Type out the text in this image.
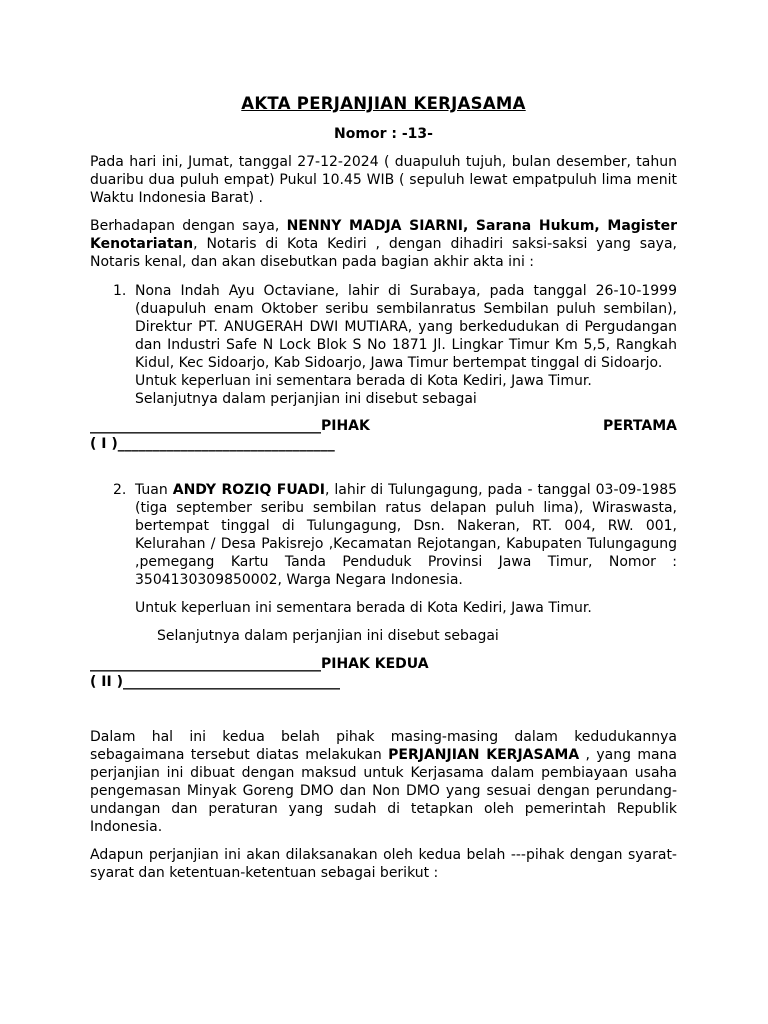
AKTA PERJANJIAN KERJASAMA
Nomor : -13-
Pada hari ini, Jumat, tanggal 27-12-2024 ( duapuluh tujuh, bulan desember, tahun duaribu dua puluh empat) Pukul 10.45 WIB ( sepuluh lewat empatpuluh lima menit Waktu Indonesia Barat) .
Berhadapan dengan saya, NENNY MADJA SIARNI, Sarana Hukum, Magister Kenotariatan, Notaris di Kota Kediri , dengan dihadiri saksi-saksi yang saya, Notaris kenal, dan akan disebutkan pada bagian akhir akta ini :
1. Nona Indah Ayu Octaviane, lahir di Surabaya, pada tanggal 26-10-1999 (duapuluh enam Oktober seribu sembilanratus Sembilan puluh sembilan), Direktur PT. ANUGERAH DWI MUTIARA, yang berkedudukan di Pergudangan dan Industri Safe N Lock Blok S No 1871 Jl. Lingkar Timur Km 5,5, Rangkah Kidul, Kec Sidoarjo, Kab Sidoarjo, Jawa Timur bertempat tinggal di Sidoarjo.
Untuk keperluan ini sementara berada di Kota Kediri, Jawa Timur.
Selanjutnya dalam perjanjian ini disebut sebagai
_________________________________PIHAK	PERTAMA
( I )_______________________________
2. Tuan ANDY ROZIQ FUADI, lahir di Tulungagung, pada - tanggal 03-09-1985 (tiga september seribu sembilan ratus delapan puluh lima), Wiraswasta, bertempat tinggal di Tulungagung, Dsn. Nakeran, RT. 004, RW. 001, Kelurahan / Desa Pakisrejo ,Kecamatan Rejotangan, Kabupaten Tulungagung ,pemegang Kartu Tanda Penduduk Provinsi Jawa Timur, Nomor : 3504130309850002, Warga Negara Indonesia.
Untuk keperluan ini sementara berada di Kota Kediri, Jawa Timur.
Selanjutnya dalam perjanjian ini disebut sebagai
_________________________________PIHAK KEDUA
( II )_______________________________
Dalam hal ini kedua belah pihak masing-masing dalam kedudukannya sebagaimana tersebut diatas melakukan PERJANJIAN KERJASAMA , yang mana perjanjian ini dibuat dengan maksud untuk Kerjasama dalam pembiayaan usaha pengemasan Minyak Goreng DMO dan Non DMO yang sesuai dengan perundang-undangan dan peraturan yang sudah di tetapkan oleh pemerintah Republik Indonesia.
Adapun perjanjian ini akan dilaksanakan oleh kedua belah ---pihak dengan syarat-syarat dan ketentuan-ketentuan sebagai berikut :
